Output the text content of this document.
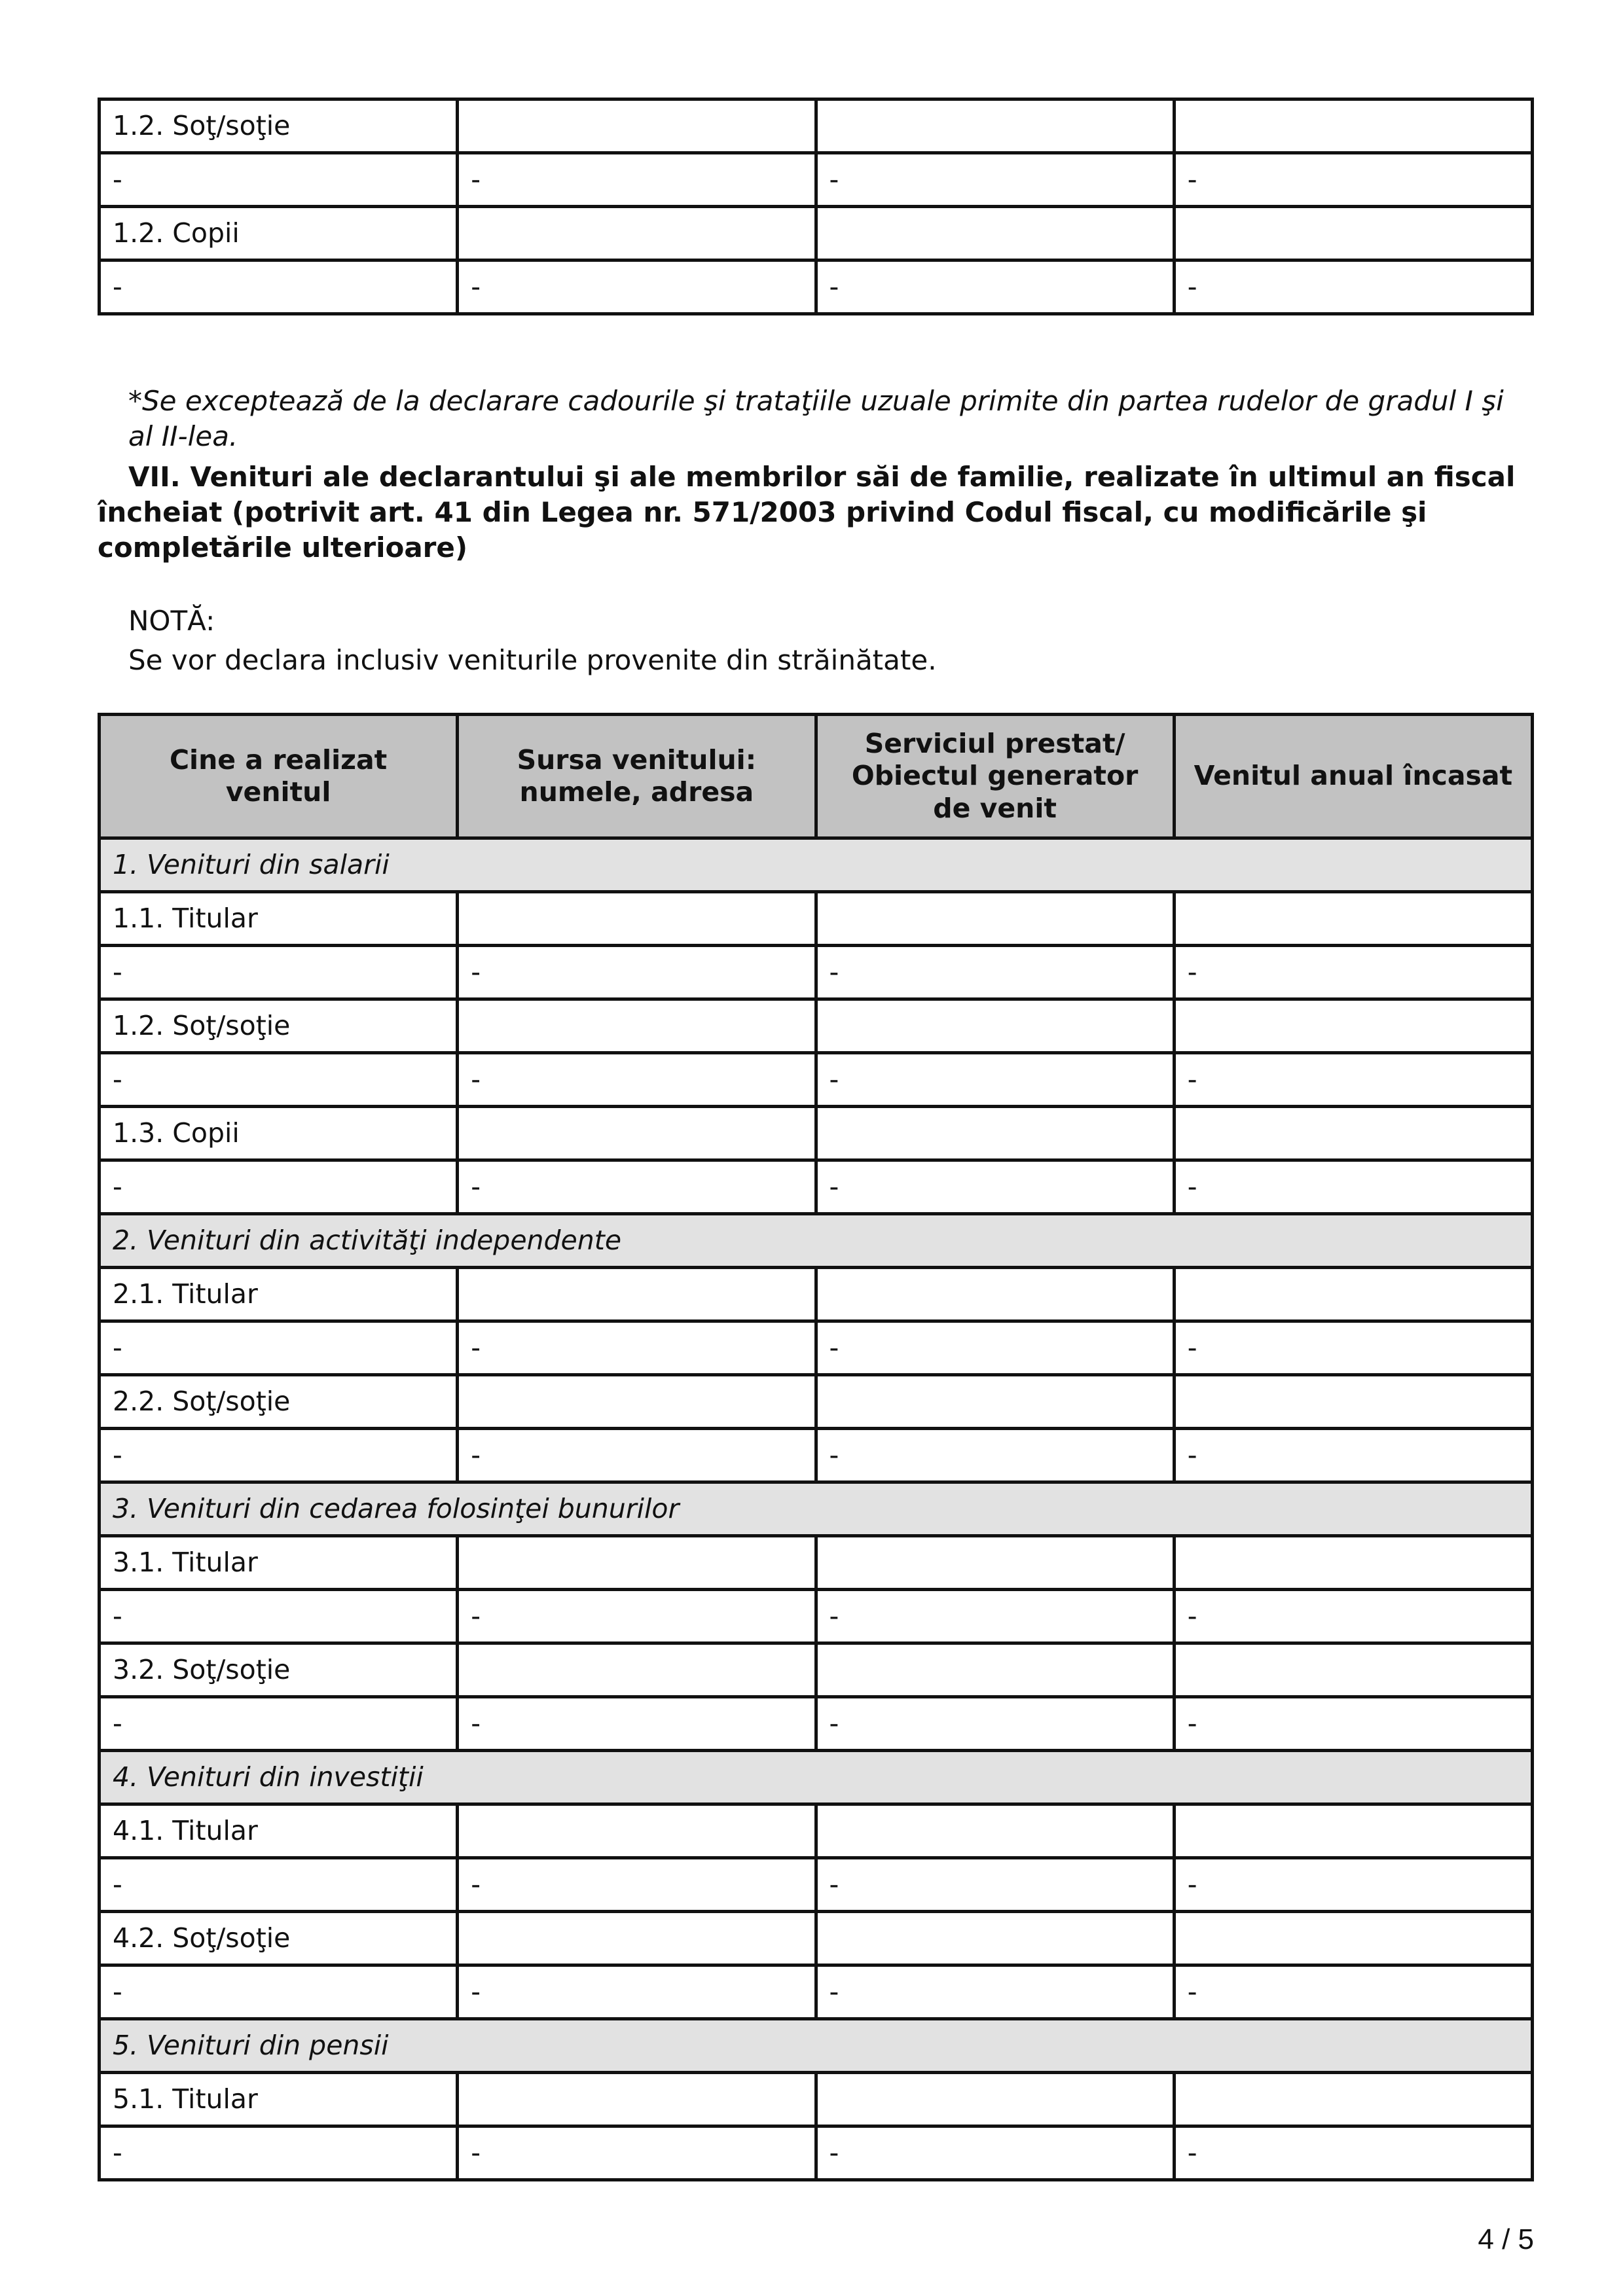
1.2. Soţ/soţie			
-	-	-	-
1.2. Copii			
-	-	-	-

*Se exceptează de la declarare cadourile şi trataţiile uzuale primite din partea rudelor de gradul I şi al II-lea.

VII. Venituri ale declarantului şi ale membrilor săi de familie, realizate în ultimul an fiscal încheiat (potrivit art. 41 din Legea nr. 571/2003 privind Codul fiscal, cu modificările şi completările ulterioare)

NOTĂ:

Se vor declara inclusiv veniturile provenite din străinătate.

Cine a realizat venitul	Sursa venitului: numele, adresa	Serviciul prestat/ Obiectul generator de venit	Venitul anual încasat
1. Venituri din salarii			
1.1. Titular			
-	-	-	-
1.2. Soţ/soţie			
-	-	-	-
1.3. Copii			
-	-	-	-
2. Venituri din activităţi independente			
2.1. Titular			
-	-	-	-
2.2. Soţ/soţie			
-	-	-	-
3. Venituri din cedarea folosinţei bunurilor			
3.1. Titular			
-	-	-	-
3.2. Soţ/soţie			
-	-	-	-
4. Venituri din investiţii			
4.1. Titular			
-	-	-	-
4.2. Soţ/soţie			
-	-	-	-
5. Venituri din pensii			
5.1. Titular			
-	-	-	-
4 / 5
